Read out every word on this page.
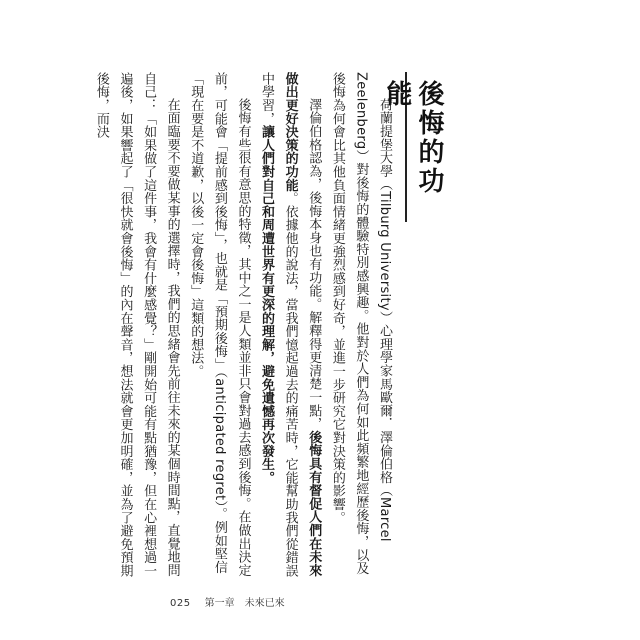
後悔的功能

荷蘭提堡大學（Tilburg University）心理學家馬歐爾．澤倫伯格（Marcel Zeelenberg）對後悔的體驗特別感興趣。他對於人們為何如此頻繁地經歷後悔，以及後悔為何會比其他負面情緒更強烈感到好奇，並進一步研究它對決策的影響。

澤倫伯格認為，後悔本身也有功能。解釋得更清楚一點，後悔具有督促人們在未來做出更好決策的功能。依據他的說法，當我們憶起過去的痛苦時，它能幫助我們從錯誤中學習，讓人們對自己和周遭世界有更深的理解，避免遺憾再次發生。

後悔有些很有意思的特徵，其中之一是人類並非只會對過去感到後悔。在做出決定前，可能會「提前感到後悔」，也就是「預期後悔」（anticipated regret）。例如堅信「現在要是不道歉，以後一定會後悔」這類的想法。

在面臨要不要做某事的選擇時，我們的思緒會先前往未來的某個時間點，直覺地問自己：「如果做了這件事，我會有什麼感覺？」剛開始可能有點猶豫，但在心裡想過一遍後，如果響起了「很快就會後悔」的內在聲音，想法就會更加明確，並為了避免預期後悔，而決

025 第一章　未來已來
